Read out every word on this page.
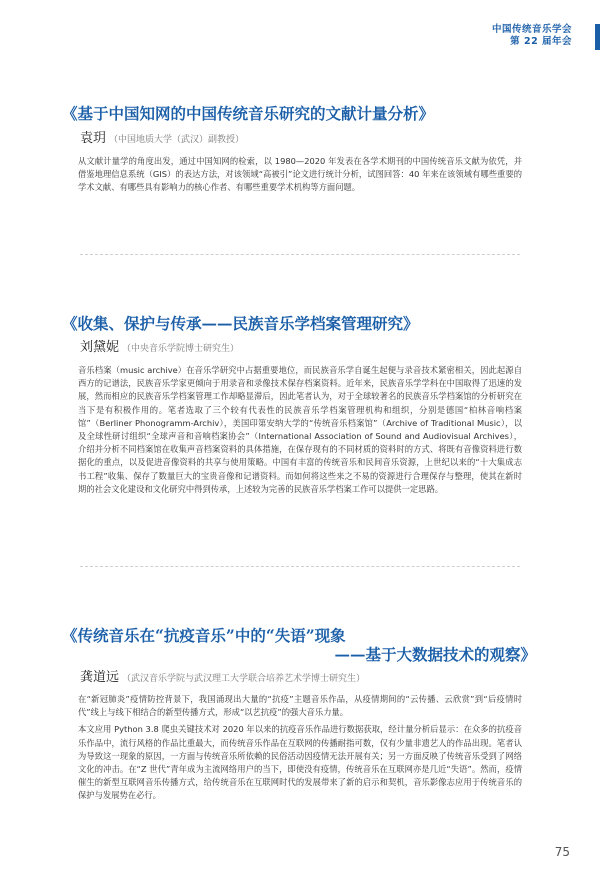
中国传统音乐学会
第 22 届年会
《基于中国知网的中国传统音乐研究的文献计量分析》
袁玥 （中国地质大学（武汉）副教授）

从文献计量学的角度出发，通过中国知网的检索，以 1980—2020 年发表在各学术期刊的中国传统音乐文献为依凭，并借鉴地理信息系统（GIS）的表达方法，对该领域“高被引”论文进行统计分析，试图回答：40 年来在该领域有哪些重要的学术文献、有哪些具有影响力的核心作者、有哪些重要学术机构等方面问题。

《收集、保护与传承——民族音乐学档案管理研究》
刘黛妮 （中央音乐学院博士研究生）

音乐档案（music archive）在音乐学研究中占据重要地位，而民族音乐学自诞生起便与录音技术紧密相关，因此起源自西方的记谱法，民族音乐学家更倾向于用录音和录像技术保存档案资料。近年来，民族音乐学学科在中国取得了迅速的发展，然而相应的民族音乐学档案管理工作却略显滞后，因此笔者认为，对于全球较著名的民族音乐学档案馆的分析研究在当下是有积极作用的。笔者选取了三个较有代表性的民族音乐学档案管理机构和组织，分别是德国“柏林音响档案馆”（Berliner Phonogramm-Archiv），美国印第安纳大学的“传统音乐档案馆”（Archive of Traditional Music），以及全球性研讨组织“全球声音和音响档案协会”（International Association of Sound and Audiovisual Archives），介绍并分析不同档案馆在收集声音档案资料的具体措施，在保存现有的不同材质的资料时的方式、将既有音像资料进行数据化的重点，以及促进音像资料的共享与使用策略。中国有丰富的传统音乐和民间音乐资源，上世纪以来的“十大集成志书工程”收集、保存了数量巨大的宝贵音像和记谱资料。而如何将这些来之不易的资源进行合理保存与整理，使其在新时期的社会文化建设和文化研究中得到传承，上述较为完善的民族音乐学档案工作可以提供一定思路。

《传统音乐在“抗疫音乐”中的“失语”现象
——基于大数据技术的观察》
龚道远 （武汉音乐学院与武汉理工大学联合培养艺术学博士研究生）

在“新冠肺炎”疫情防控背景下，我国涌现出大量的“抗疫”主题音乐作品，从疫情期间的“云传播、云欣赏”到“后疫情时代”线上与线下相结合的新型传播方式，形成“以艺抗疫”的强大音乐力量。

本文应用 Python 3.8 爬虫关键技术对 2020 年以来的抗疫音乐作品进行数据获取，经计量分析后显示：在众多的抗疫音乐作品中，流行风格的作品比重最大，而传统音乐作品在互联网的传播耐指可数，仅有少量非遗艺人的作品出现。笔者认为导致这一现象的原因，一方面与传统音乐所依赖的民俗活动因疫情无法开展有关；另一方面反映了传统音乐受到了网络文化的冲击。在“Z 世代”青年成为主流网络用户的当下，即使没有疫情，传统音乐在互联网亦是几近“失语”。然而，疫情催生的新型互联网音乐传播方式，给传统音乐在互联网时代的发展带来了新的启示和契机，音乐影像志应用于传统音乐的保护与发展势在必行。

75
